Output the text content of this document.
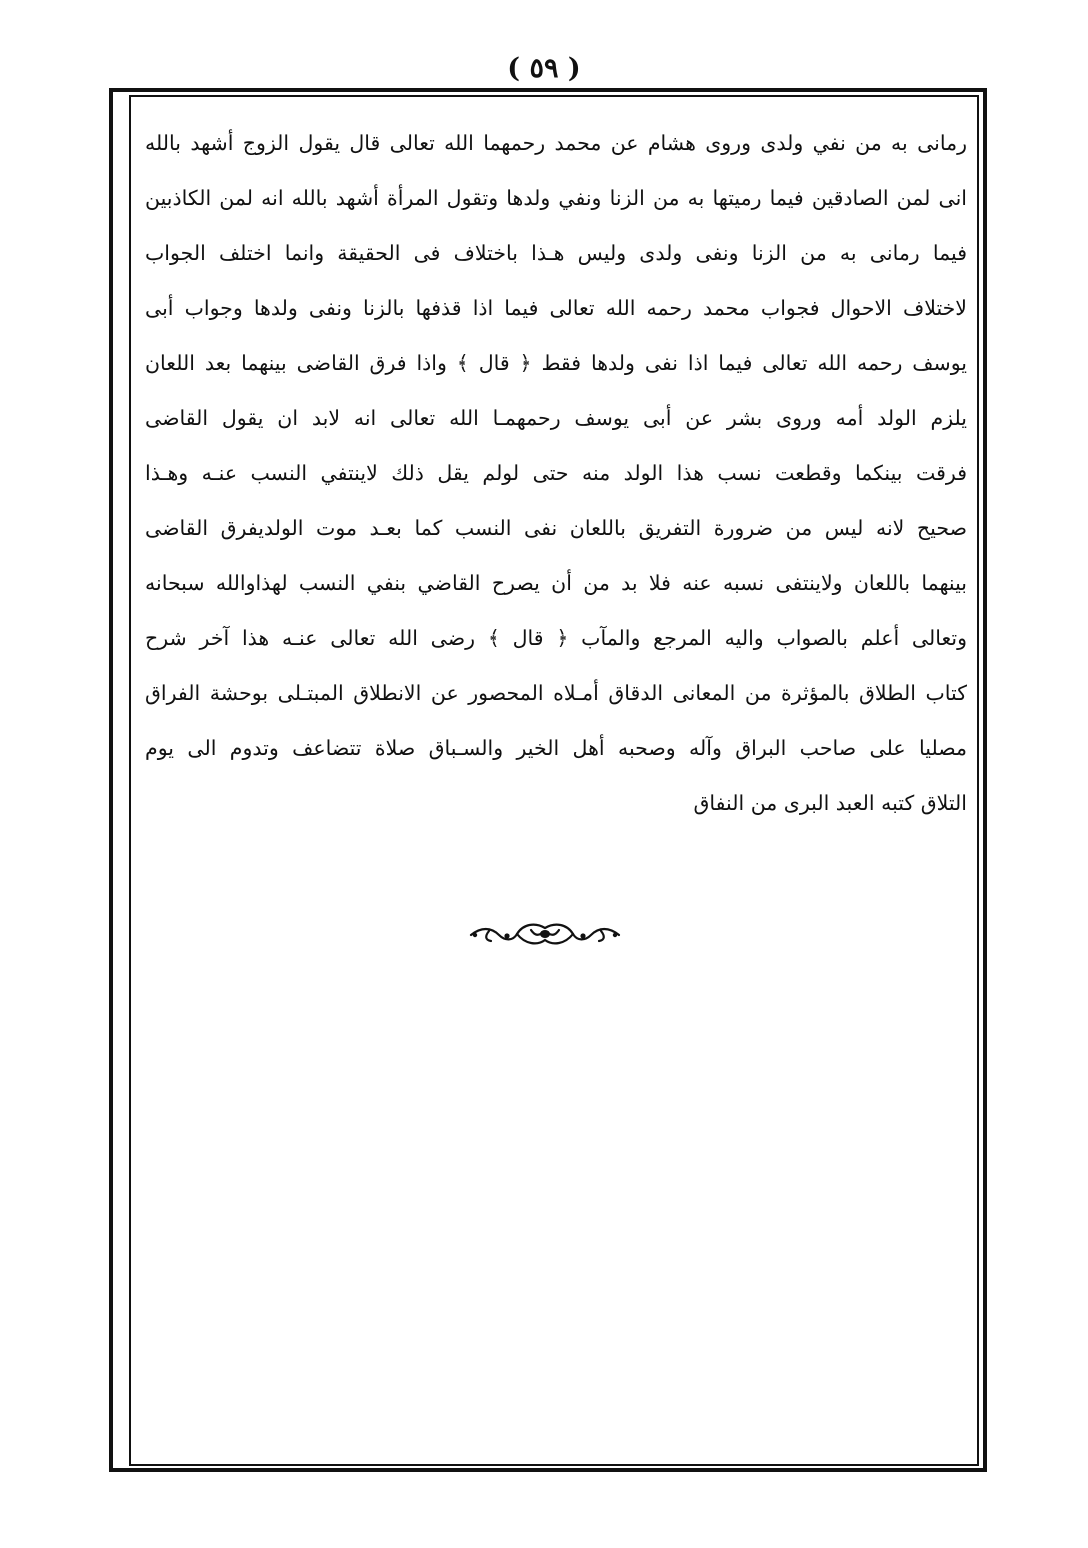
( ٥٩ )
رمانی به من نفي ولدی وروی هشام عن محمد رحمهما الله تعالى قال يقول الزوج أشهد بالله
انی لمن الصادقين فيما رميتها به من الزنا ونفي ولدها وتقول المرأة أشهد بالله انه لمن الكاذبين
فيما رمانی به من الزنا ونفى ولدی وليس هـذا باختلاف فی الحقيقة وانما اختلف الجواب
لاختلاف الاحوال فجواب محمد رحمه الله تعالى فيما اذا قذفها بالزنا ونفى ولدها وجواب أبی
يوسف رحمه الله تعالى فيما اذا نفى ولدها فقط ﴿ قال ﴾ واذا فرق القاضی بينهما بعد اللعان
يلزم الولد أمه وروى بشر عن أبی يوسف رحمهمـا الله تعالى انه لابد ان يقول القاضی
فرقت بينكما وقطعت نسب هذا الولد منه حتى لولم يقل ذلك لاينتفي النسب عنـه وهـذا
صحيح لانه ليس من ضرورة التفريق باللعان نفی النسب كما بعـد موت الولديفرق القاضی
بينهما باللعان ولاينتفى نسبه عنه فلا بد من أن يصرح القاضي بنفي النسب لهذاوالله سبحانه
وتعالى أعلم بالصواب واليه المرجع والمآب ﴿ قال ﴾ رضی الله تعالى عنـه هذا آخر شرح
كتاب الطلاق بالمؤثرة من المعانی الدقاق أمـلاه المحصور عن الانطلاق المبتـلى بوحشة الفراق
مصليا على صاحب البراق وآله وصحبه أهل الخير والسـباق صلاة تتضاعف وتدوم الى يوم
التلاق كتبه العبد البرى من النفاق
